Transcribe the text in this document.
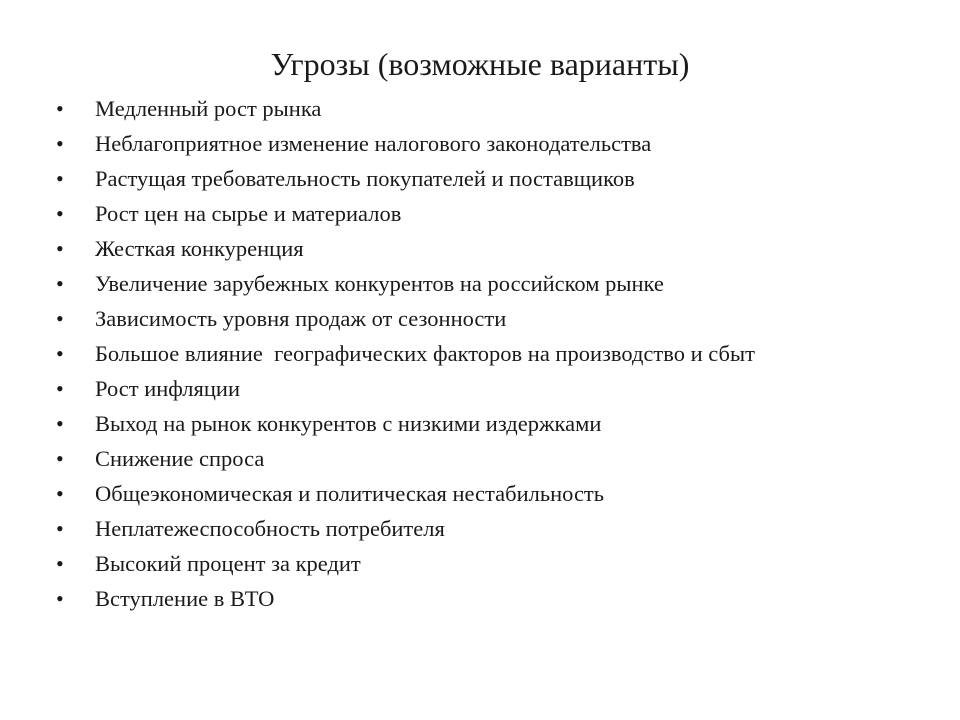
Угрозы (возможные варианты)
•	Медленный рост рынка
•	Неблагоприятное изменение налогового законодательства
•	Растущая требовательность покупателей и поставщиков
•	Рост цен на сырье и материалов
•	Жесткая конкуренция
•	Увеличение зарубежных конкурентов на российском рынке
•	Зависимость уровня продаж от сезонности
•	Большое влияние  географических факторов на производство и сбыт
•	Рост инфляции
•	Выход на рынок конкурентов с низкими издержками
•	Снижение спроса
•	Общеэкономическая и политическая нестабильность
•	Неплатежеспособность потребителя
•	Высокий процент за кредит
•	Вступление в ВТО
